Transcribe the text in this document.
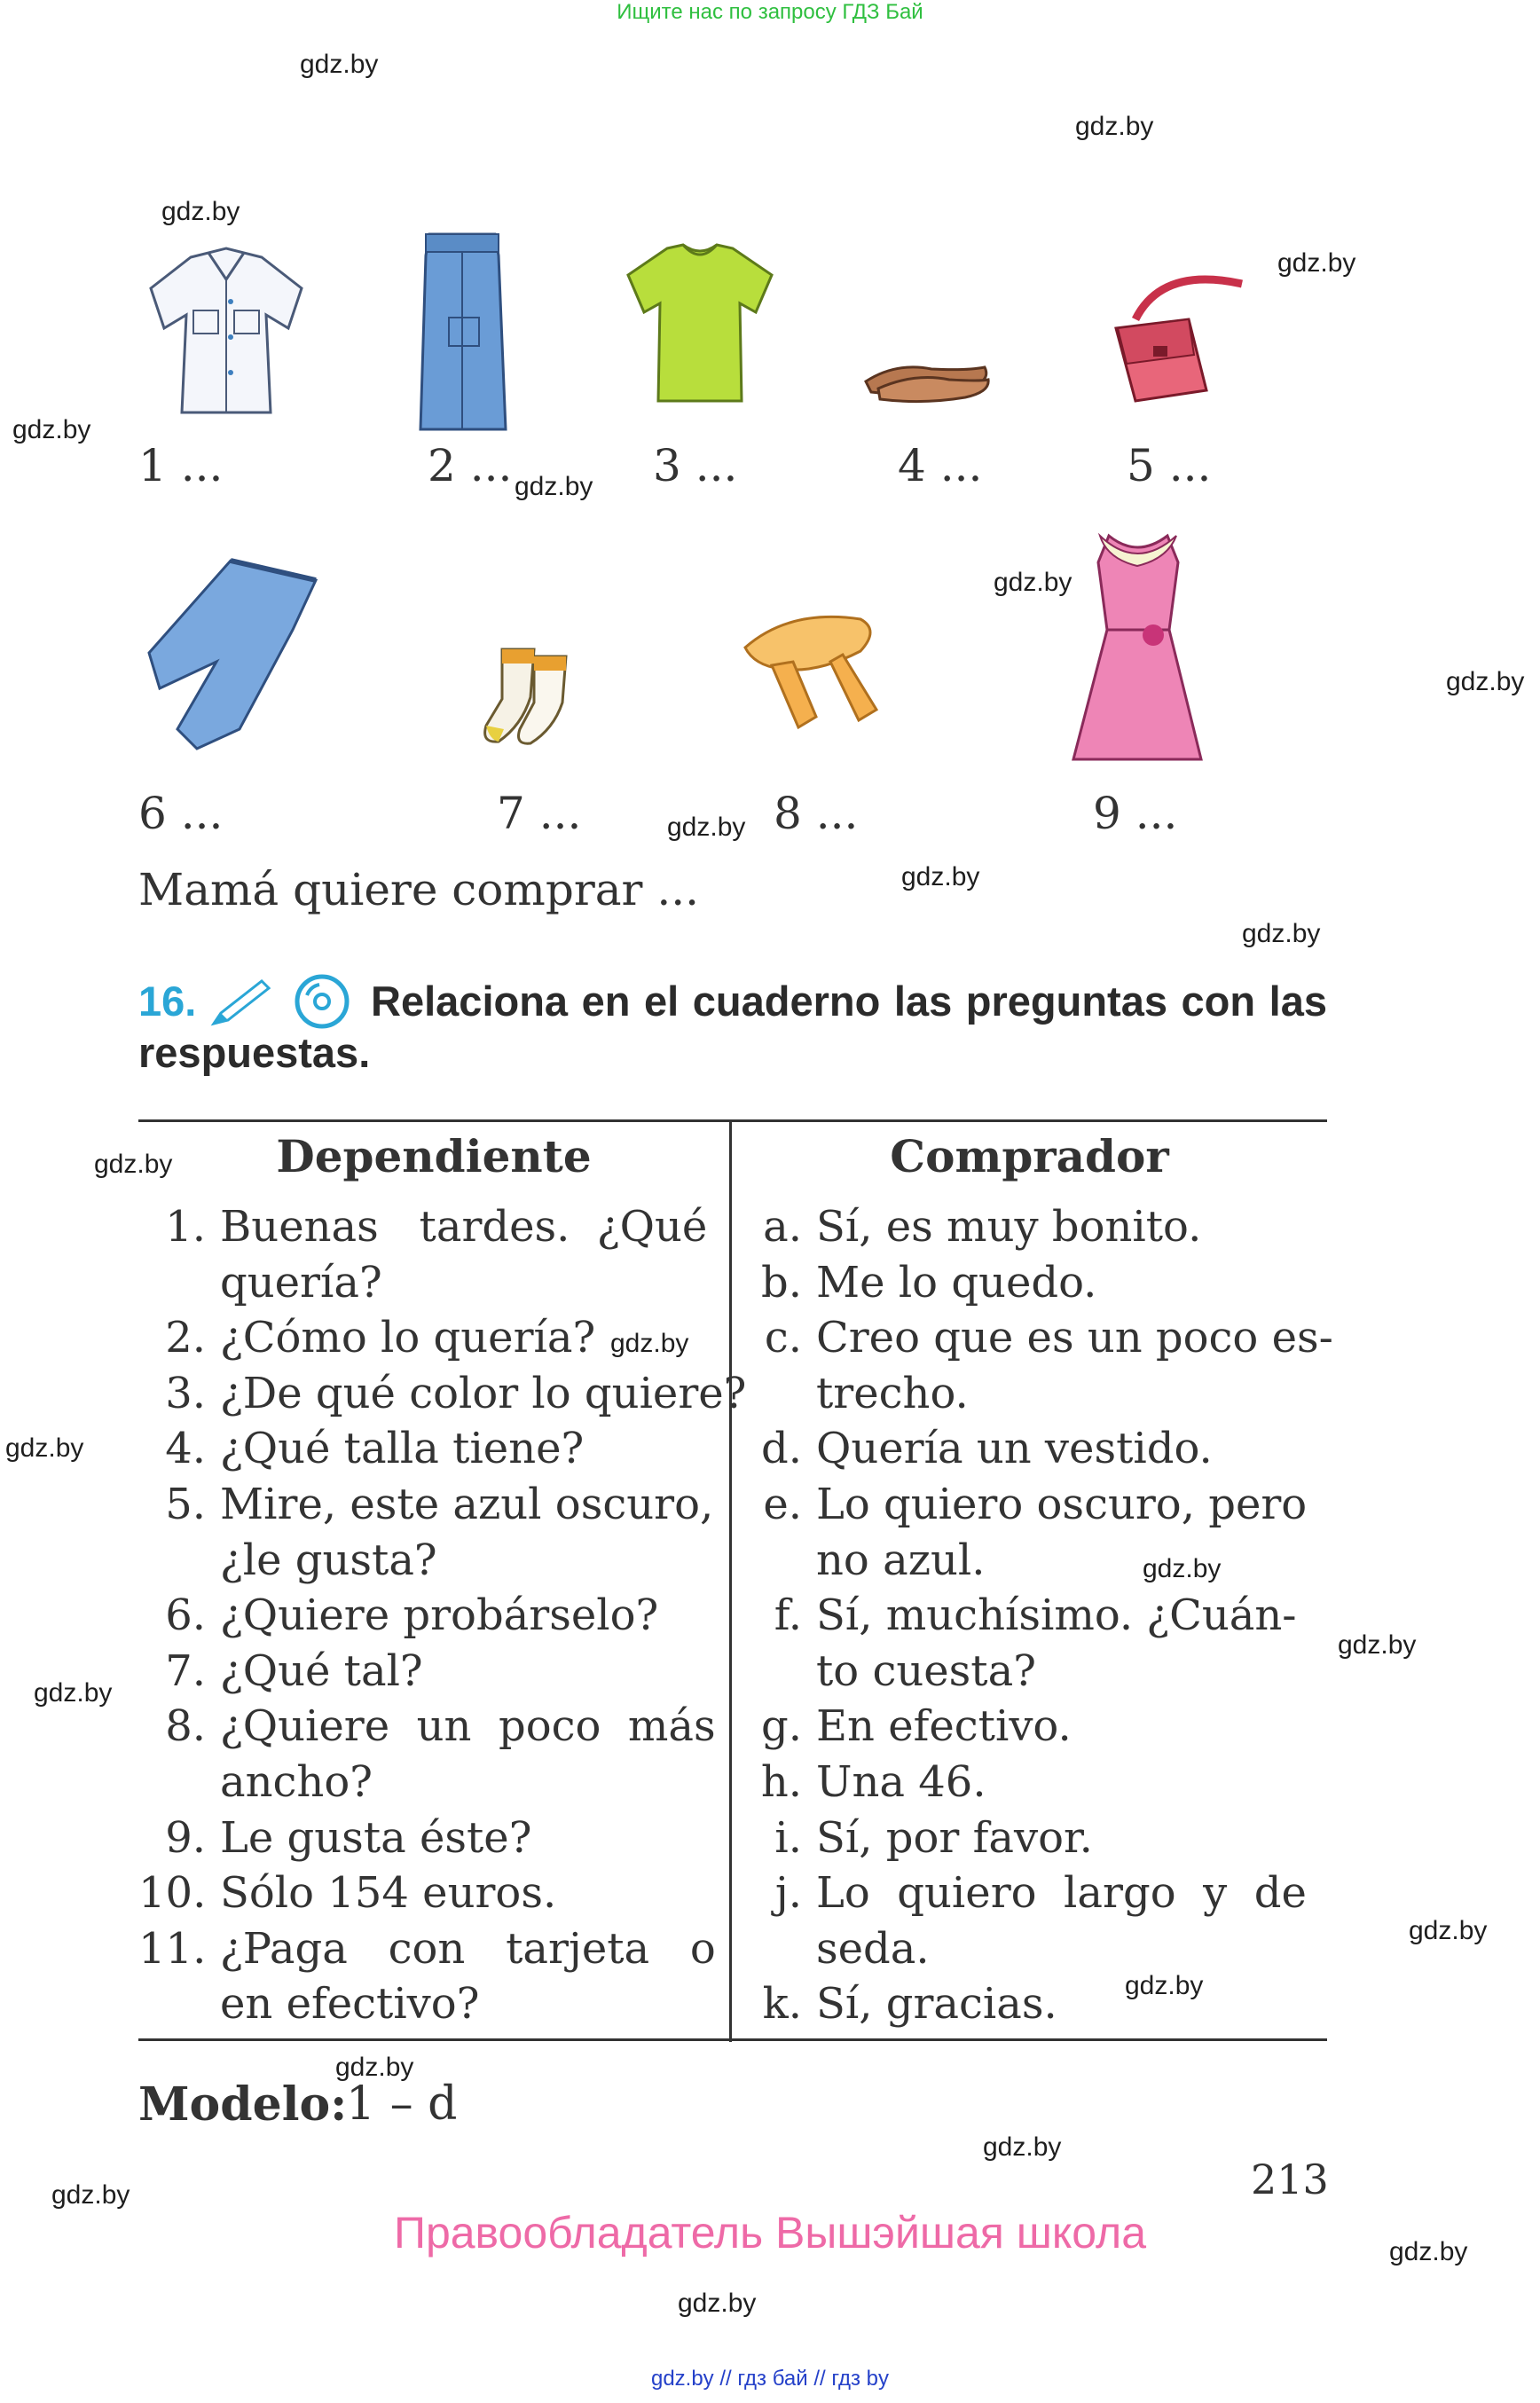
Ищите нас по запросу ГДЗ Бай
gdz.by
gdz.by
gdz.by
gdz.by
gdz.by
gdz.by
gdz.by
gdz.by
gdz.by
gdz.by
gdz.by
gdz.by
gdz.by
gdz.by
gdz.by
gdz.by
gdz.by
gdz.by
gdz.by
gdz.by
gdz.by
gdz.by
gdz.by
gdz.by
1 ...	2 ...	3 ...	4 ...	5 ...
6 ...	7 ...	8 ...	9 ...
Mamá quiere comprar ...
16.
	Relaciona en el cuaderno las preguntas con las respuestas.
Dependiente	Comprador
1. Buenas   tardes.  ¿Qué
quería?
2. ¿Cómo lo quería?
3. ¿De qué color lo quiere?
4. ¿Qué talla tiene?
5. Mire, este azul oscuro,
¿le gusta?
6. ¿Quiere probárselo?
7. ¿Qué tal?
8. ¿Quiere  un  poco  más
ancho?
9. Le gusta éste?
10. Sólo 154 euros.
11. ¿Paga   con   tarjeta   o
en efectivo?
a. Sí, es muy bonito.
b. Me lo quedo.
c. Creo que es un poco es-
trecho.
d. Quería un vestido.
e. Lo quiero oscuro, pero
no azul.
f. Sí, muchísimo. ¿Cuán-
to cuesta?
g. En efectivo.
h. Una 46.
i. Sí, por favor.
j. Lo  quiero  largo  y  de
seda.
k. Sí, gracias.
Modelo:
1 – d
213
Правообладатель Вышэйшая школа
gdz.by // гдз бай // гдз by
